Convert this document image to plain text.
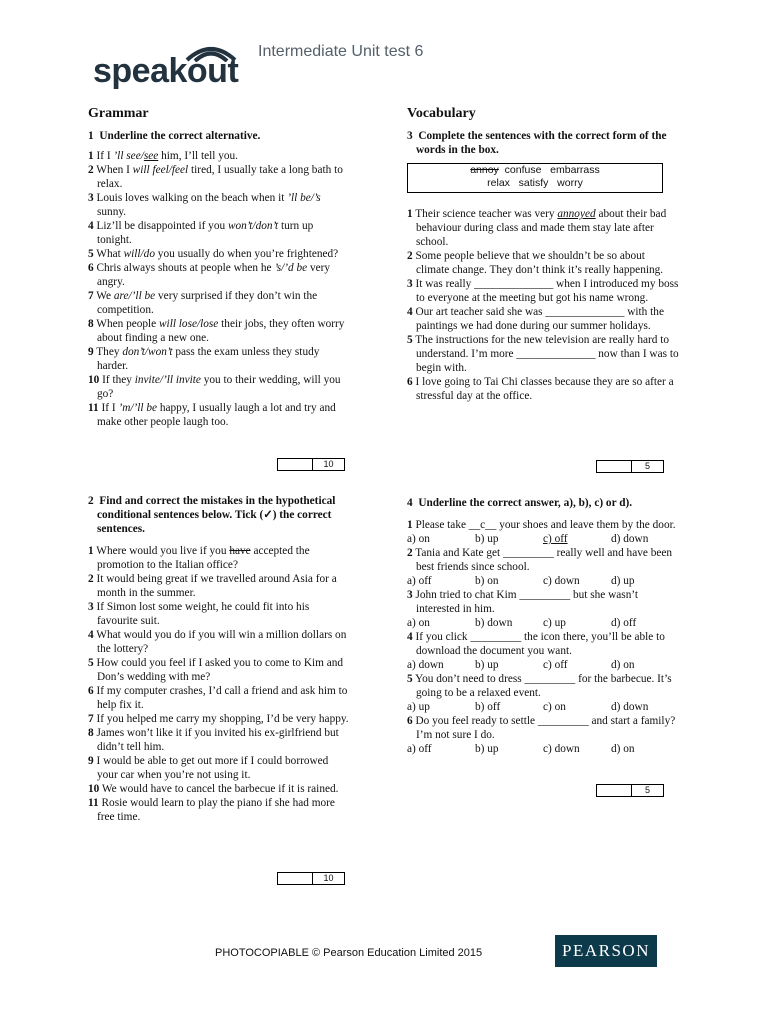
speakout
Intermediate Unit test 6

Grammar

1 Underline the correct alternative.

1 If I ’ll see/see him, I’ll tell you.

2 When I will feel/feel tired, I usually take a long bath to relax.

3 Louis loves walking on the beach when it ’ll be/’s sunny.

4 Liz’ll be disappointed if you won’t/don’t turn up tonight.

5 What will/do you usually do when you’re frightened?

6 Chris always shouts at people when he ’s/’d be very angry.

7 We are/’ll be very surprised if they don’t win the competition.

8 When people will lose/lose their jobs, they often worry about finding a new one.

9 They don’t/won’t pass the exam unless they study harder.

10 If they invite/’ll invite you to their wedding, will you go?

11 If I ’m/’ll be happy, I usually laugh a lot and try and make other people laugh too.

10

2 Find and correct the mistakes in the hypothetical conditional sentences below. Tick (✓) the correct sentences.

1 Where would you live if you have accepted the promotion to the Italian office?

2 It would being great if we travelled around Asia for a month in the summer.

3 If Simon lost some weight, he could fit into his favourite suit.

4 What would you do if you will win a million dollars on the lottery?

5 How could you feel if I asked you to come to Kim and Don’s wedding with me?

6 If my computer crashes, I’d call a friend and ask him to help fix it.

7 If you helped me carry my shopping, I’d be very happy.

8 James won’t like it if you invited his ex-girlfriend but didn’t tell him.

9 I would be able to get out more if I could borrowed your car when you’re not using it.

10 We would have to cancel the barbecue if it is rained.

11 Rosie would learn to play the piano if she had more free time.

10

Vocabulary

3 Complete the sentences with the correct form of the words in the box.

annoy  confuse   embarrass
relax   satisfy   worry

1 Their science teacher was very annoyed about their bad behaviour during class and made them stay late after school.

2 Some people believe that we shouldn’t be so about climate change. They don’t think it’s really happening.

3 It was really ______________ when I introduced my boss to everyone at the meeting but got his name wrong.

4 Our art teacher said she was ______________ with the paintings we had done during our summer holidays.

5 The instructions for the new television are really hard to understand. I’m more ______________ now than I was to begin with.

6 I love going to Tai Chi classes because they are so after a stressful day at the office.

5

4 Underline the correct answer, a), b), c) or d).

1 Please take __c__ your shoes and leave them by the door.

a) on	b) up	c) off	d) down

2 Tania and Kate get _________ really well and have been best friends since school.

a) off	b) on	c) down	d) up

3 John tried to chat Kim _________ but she wasn’t interested in him.

a) on	b) down	c) up	d) off

4 If you click _________ the icon there, you’ll be able to download the document you want.

a) down	b) up	c) off	d) on

5 You don’t need to dress _________ for the barbecue. It’s going to be a relaxed event.

a) up	b) off	c) on	d) down

6 Do you feel ready to settle _________ and start a family? I’m not sure I do.

a) off	b) up	c) down	d) on
5
PHOTOCOPIABLE © Pearson Education Limited 2015	PEARSON
